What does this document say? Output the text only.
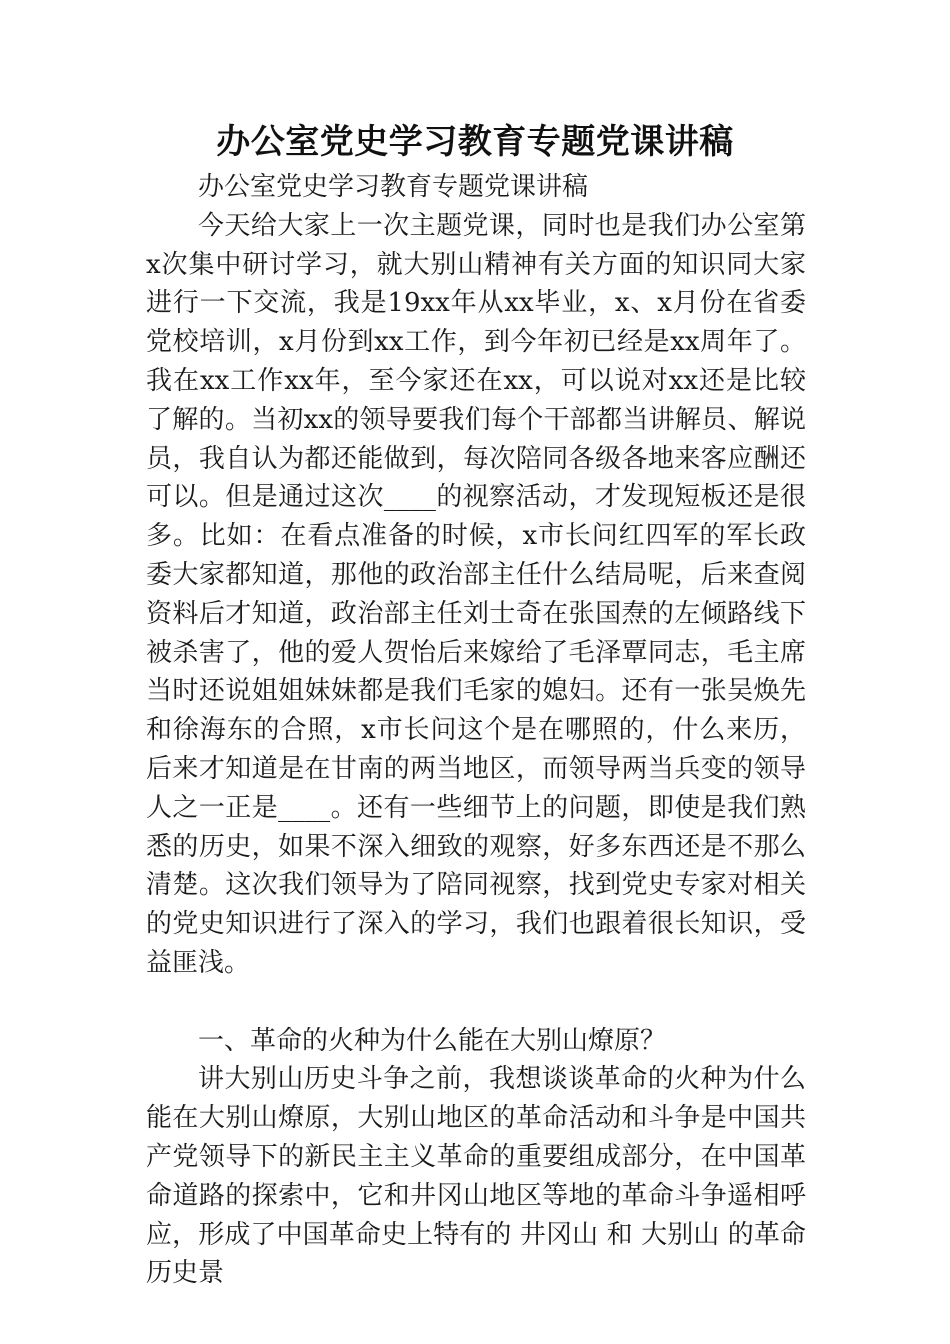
办公室党史学习教育专题党课讲稿

办公室党史学习教育专题党课讲稿

今天给大家上一次主题党课，同时也是我们办公室第x次集中研讨学习，就大别山精神有关方面的知识同大家进行一下交流，我是19xx年从xx毕业，x、x月份在省委党校培训，x月份到xx工作，到今年初已经是xx周年了。我在xx工作xx年，至今家还在xx，可以说对xx还是比较了解的。当初xx的领导要我们每个干部都当讲解员、解说员，我自认为都还能做到，每次陪同各级各地来客应酬还可以。但是通过这次____的视察活动，才发现短板还是很多。比如：在看点准备的时候，x市长问红四军的军长政委大家都知道，那他的政治部主任什么结局呢，后来查阅资料后才知道，政治部主任刘士奇在张国焘的左倾路线下被杀害了，他的爱人贺怡后来嫁给了毛泽覃同志，毛主席当时还说姐姐妹妹都是我们毛家的媳妇。还有一张吴焕先和徐海东的合照，x市长问这个是在哪照的，什么来历，后来才知道是在甘南的两当地区，而领导两当兵变的领导人之一正是____。还有一些细节上的问题，即使是我们熟悉的历史，如果不深入细致的观察，好多东西还是不那么清楚。这次我们领导为了陪同视察，找到党史专家对相关的党史知识进行了深入的学习，我们也跟着很长知识，受益匪浅。

一、革命的火种为什么能在大别山燎原？

讲大别山历史斗争之前，我想谈谈革命的火种为什么能在大别山燎原，大别山地区的革命活动和斗争是中国共产党领导下的新民主主义革命的重要组成部分，在中国革命道路的探索中，它和井冈山地区等地的革命斗争遥相呼应，形成了中国革命史上特有的 井冈山 和 大别山 的革命历史景
